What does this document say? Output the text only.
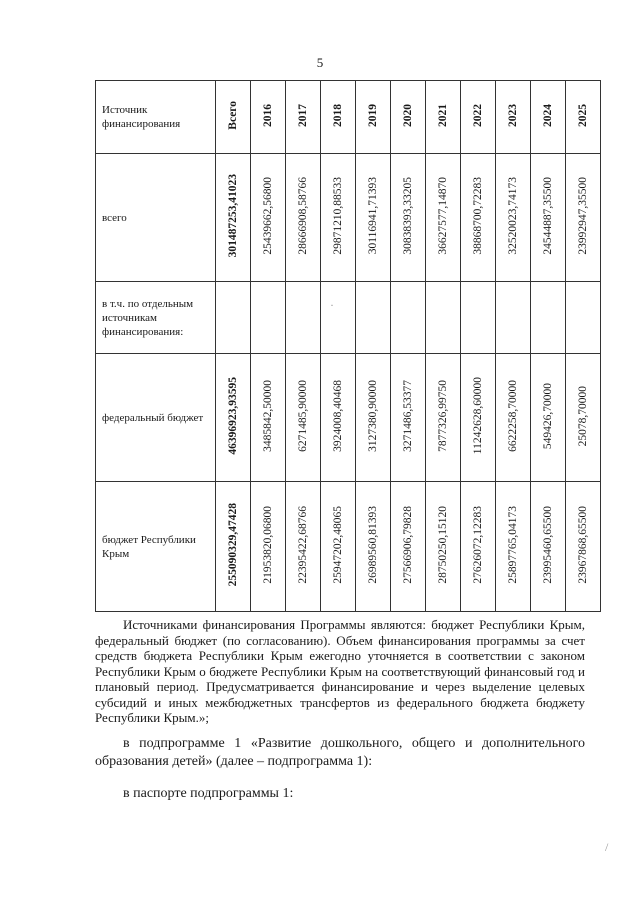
5
Источник финансирования	Всего	2016	2017	2018	2019	2020	2021	2022	2023	2024	2025
всего	301487253,41023	25439662,56800	28666908,58766	29871210,88533	30116941,71393	30838393,33205	36627577,14870	38868700,72283	32520023,74173	24544887,35500	23992947,35500
в т.ч. по отдельным источникам финансирования:											
федеральный бюджет	46396923,93595	3485842,50000	6271485,90000	3924008,40468	3127380,90000	3271486,53377	7877326,99750	11242628,60000	6622258,70000	549426,70000	25078,70000
бюджет Республики Крым	255090329,47428	21953820,06800	22395422,68766	25947202,48065	26989560,81393	27566906,79828	28750250,15120	27626072,12283	25897765,04173	23995460,65500	23967868,65500
Источниками финансирования Программы являются: бюджет Республики Крым, федеральный бюджет (по согласованию). Объем финансирования программы за счет средств бюджета Республики Крым ежегодно уточняется в соответствии с законом Республики Крым о бюджете Республики Крым на соответствующий финансовый год и плановый период. Предусматривается финансирование и через выделение целевых субсидий и иных межбюджетных трансфертов из федерального бюджета бюджету Республики Крым.»;
в подпрограмме 1 «Развитие дошкольного, общего и дополнительного образования детей» (далее – подпрограмма 1):
в паспорте подпрограммы 1:
·
/
